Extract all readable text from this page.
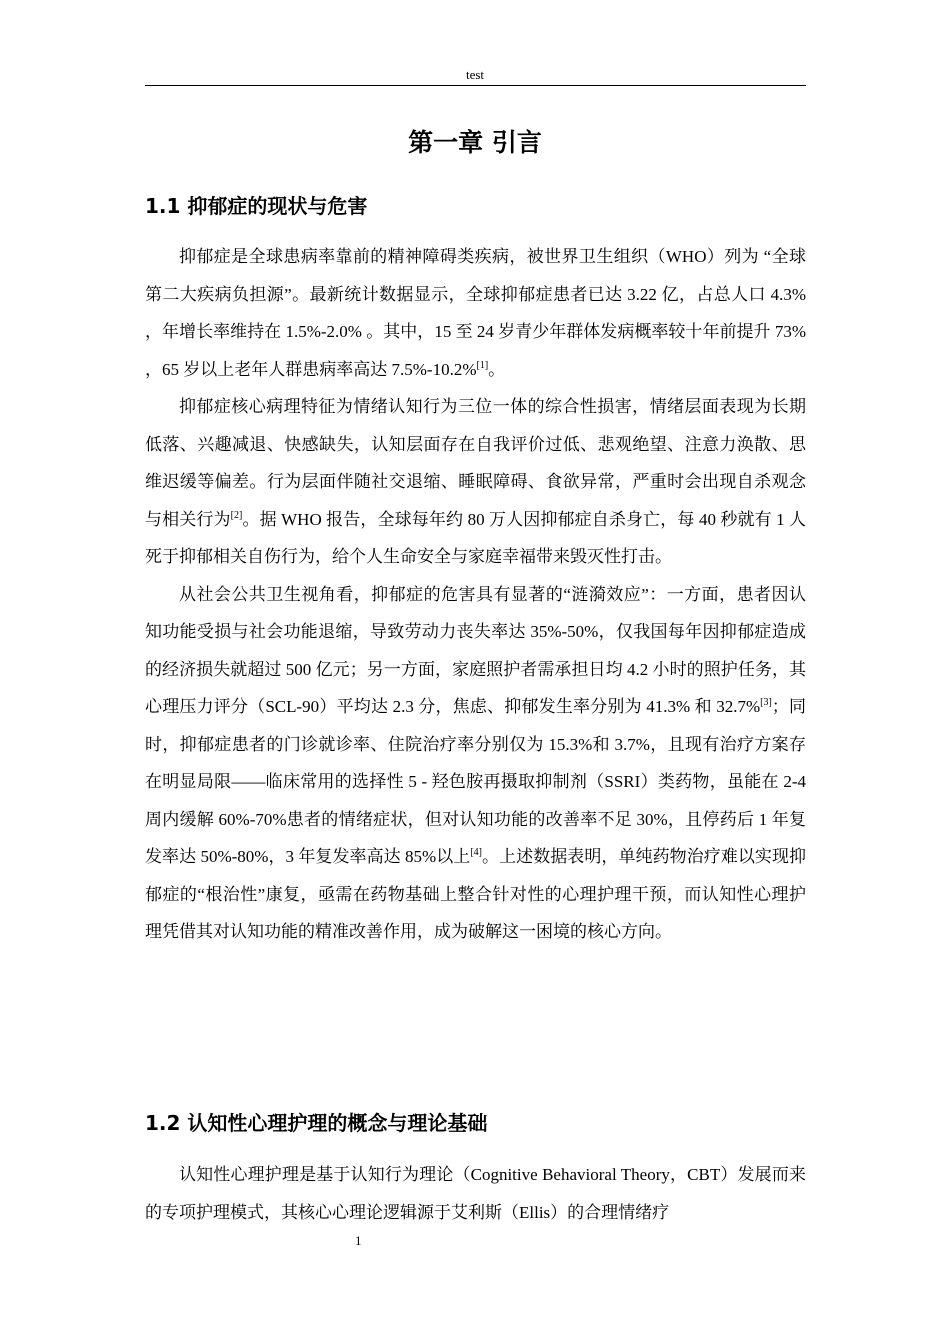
test
第一章 引言
1.1 抑郁症的现状与危害

抑郁症是全球患病率靠前的精神障碍类疾病，被世界卫生组织（WHO）列为 “全球第二大疾病负担源”。最新统计数据显示，全球抑郁症患者已达 3.22 亿，占总人口 4.3% ，年增长率维持在 1.5%-2.0% 。其中，15 至 24 岁青少年群体发病概率较十年前提升 73% ，65 岁以上老年人群患病率高达 7.5%-10.2%[1]。

抑郁症核心病理特征为情绪认知行为三位一体的综合性损害，情绪层面表现为长期低落、兴趣减退、快感缺失，认知层面存在自我评价过低、悲观绝望、注意力涣散、思维迟缓等偏差。行为层面伴随社交退缩、睡眠障碍、食欲异常，严重时会出现自杀观念与相关行为[2]。据 WHO 报告，全球每年约 80 万人因抑郁症自杀身亡，每 40 秒就有 1 人死于抑郁相关自伤行为，给个人生命安全与家庭幸福带来毁灭性打击。

从社会公共卫生视角看，抑郁症的危害具有显著的“涟漪效应”：一方面，患者因认知功能受损与社会功能退缩，导致劳动力丧失率达 35%-50%，仅我国每年因抑郁症造成的经济损失就超过 500 亿元；另一方面，家庭照护者需承担日均 4.2 小时的照护任务，其心理压力评分（SCL-90）平均达 2.3 分，焦虑、抑郁发生率分别为 41.3% 和 32.7%[3]；同时，抑郁症患者的门诊就诊率、住院治疗率分别仅为 15.3%和 3.7%，且现有治疗方案存在明显局限——临床常用的选择性 5 - 羟色胺再摄取抑制剂（SSRI）类药物，虽能在 2-4 周内缓解 60%-70%患者的情绪症状，但对认知功能的改善率不足 30%，且停药后 1 年复发率达 50%-80%，3 年复发率高达 85%以上[4]。上述数据表明，单纯药物治疗难以实现抑郁症的“根治性”康复，亟需在药物基础上整合针对性的心理护理干预，而认知性心理护理凭借其对认知功能的精准改善作用，成为破解这一困境的核心方向。

1.2 认知性心理护理的概念与理论基础

认知性心理护理是基于认知行为理论（Cognitive Behavioral Theory，CBT）发展而来的专项护理模式，其核心心理论逻辑源于艾利斯（Ellis）的合理情绪疗

1
